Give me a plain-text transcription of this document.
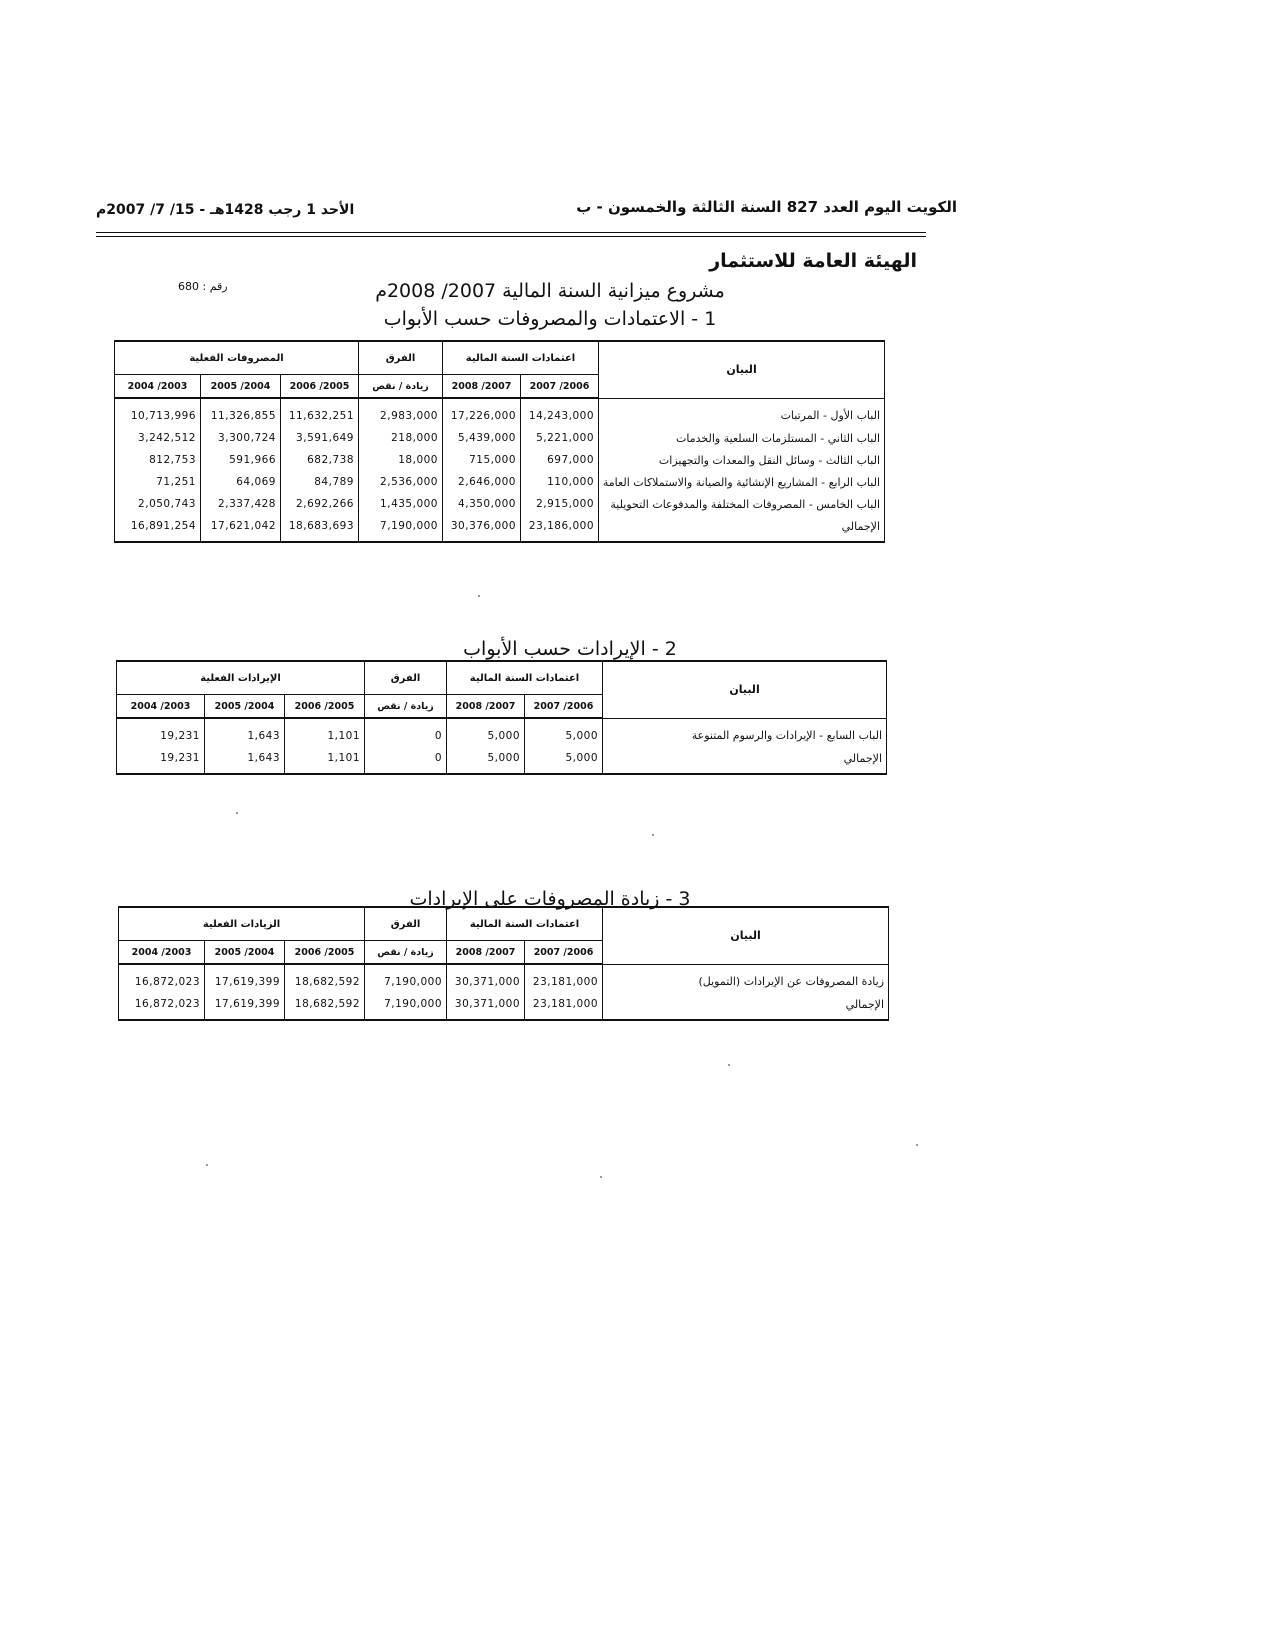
الكويت اليوم العدد 827 السنة الثالثة والخمسون - ب
الأحد 1 رجب 1428هـ - 15/ 7/ 2007م
الهيئة العامة للاستثمار
رقم : 680	مشروع ميزانية السنة المالية 2007/ 2008م
1 - الاعتمادات والمصروفات حسب الأبواب
المصروفات الفعلية			الفرق	اعتمادات السنة المالية		البيان
2004 /2003	2005 /2004	2006 /2005	زيادة / نقص	2008 /2007	2007 /2006	
10,713,996	11,326,855	11,632,251	2,983,000	17,226,000	14,243,000	الباب الأول - المرتبات
3,242,512	3,300,724	3,591,649	218,000	5,439,000	5,221,000	الباب الثاني - المستلزمات السلعية والخدمات
812,753	591,966	682,738	18,000	715,000	697,000	الباب الثالث - وسائل النقل والمعدات والتجهيزات
71,251	64,069	84,789	2,536,000	2,646,000	110,000	الباب الرابع - المشاريع الإنشائية والصيانة والاستملاكات العامة
2,050,743	2,337,428	2,692,266	1,435,000	4,350,000	2,915,000	الباب الخامس - المصروفات المختلفة والمدفوعات التحويلية
16,891,254	17,621,042	18,683,693	7,190,000	30,376,000	23,186,000	الإجمالي
2 - الإيرادات حسب الأبواب
الإيرادات الفعلية			الفرق	اعتمادات السنة المالية		البيان
2004 /2003	2005 /2004	2006 /2005	زيادة / نقص	2008 /2007	2007 /2006	
19,231	1,643	1,101	0	5,000	5,000	الباب السابع - الإيرادات والرسوم المتنوعة
19,231	1,643	1,101	0	5,000	5,000	الإجمالي
3 - زيادة المصروفات على الإيرادات
الزيادات الفعلية			الفرق	اعتمادات السنة المالية		البيان
2004 /2003	2005 /2004	2006 /2005	زيادة / نقص	2008 /2007	2007 /2006	
16,872,023	17,619,399	18,682,592	7,190,000	30,371,000	23,181,000	زيادة المصروفات عن الإيرادات (التمويل)
16,872,023	17,619,399	18,682,592	7,190,000	30,371,000	23,181,000	الإجمالي
